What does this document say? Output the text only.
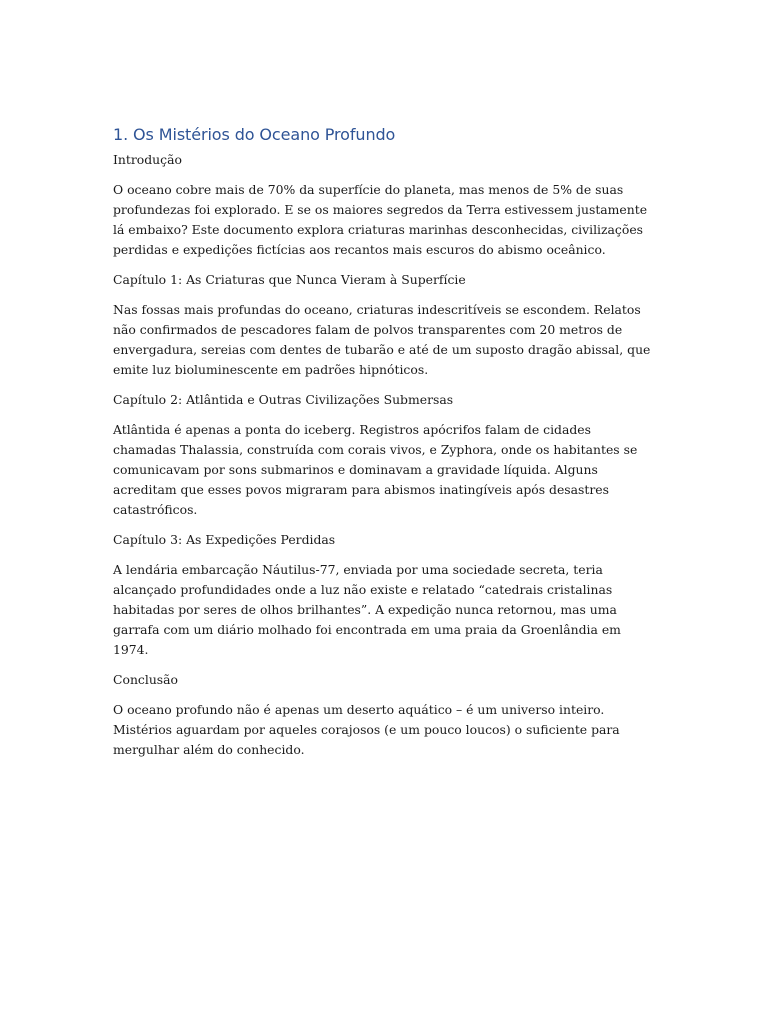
1. Os Mistérios do Oceano Profundo
Introdução

O oceano cobre mais de 70% da superfície do planeta, mas menos de 5% de suas profundezas foi explorado. E se os maiores segredos da Terra estivessem justamente lá embaixo? Este documento explora criaturas marinhas desconhecidas, civilizações perdidas e expedições fictícias aos recantos mais escuros do abismo oceânico.

Capítulo 1: As Criaturas que Nunca Vieram à Superfície

Nas fossas mais profundas do oceano, criaturas indescritíveis se escondem. Relatos não confirmados de pescadores falam de polvos transparentes com 20 metros de envergadura, sereias com dentes de tubarão e até de um suposto dragão abissal, que emite luz bioluminescente em padrões hipnóticos.

Capítulo 2: Atlântida e Outras Civilizações Submersas

Atlântida é apenas a ponta do iceberg. Registros apócrifos falam de cidades chamadas Thalassia, construída com corais vivos, e Zyphora, onde os habitantes se comunicavam por sons submarinos e dominavam a gravidade líquida. Alguns acreditam que esses povos migraram para abismos inatingíveis após desastres catastróficos.

Capítulo 3: As Expedições Perdidas

A lendária embarcação Náutilus-77, enviada por uma sociedade secreta, teria alcançado profundidades onde a luz não existe e relatado “catedrais cristalinas habitadas por seres de olhos brilhantes”. A expedição nunca retornou, mas uma garrafa com um diário molhado foi encontrada em uma praia da Groenlândia em 1974.

Conclusão

O oceano profundo não é apenas um deserto aquático – é um universo inteiro. Mistérios aguardam por aqueles corajosos (e um pouco loucos) o suficiente para mergulhar além do conhecido.
